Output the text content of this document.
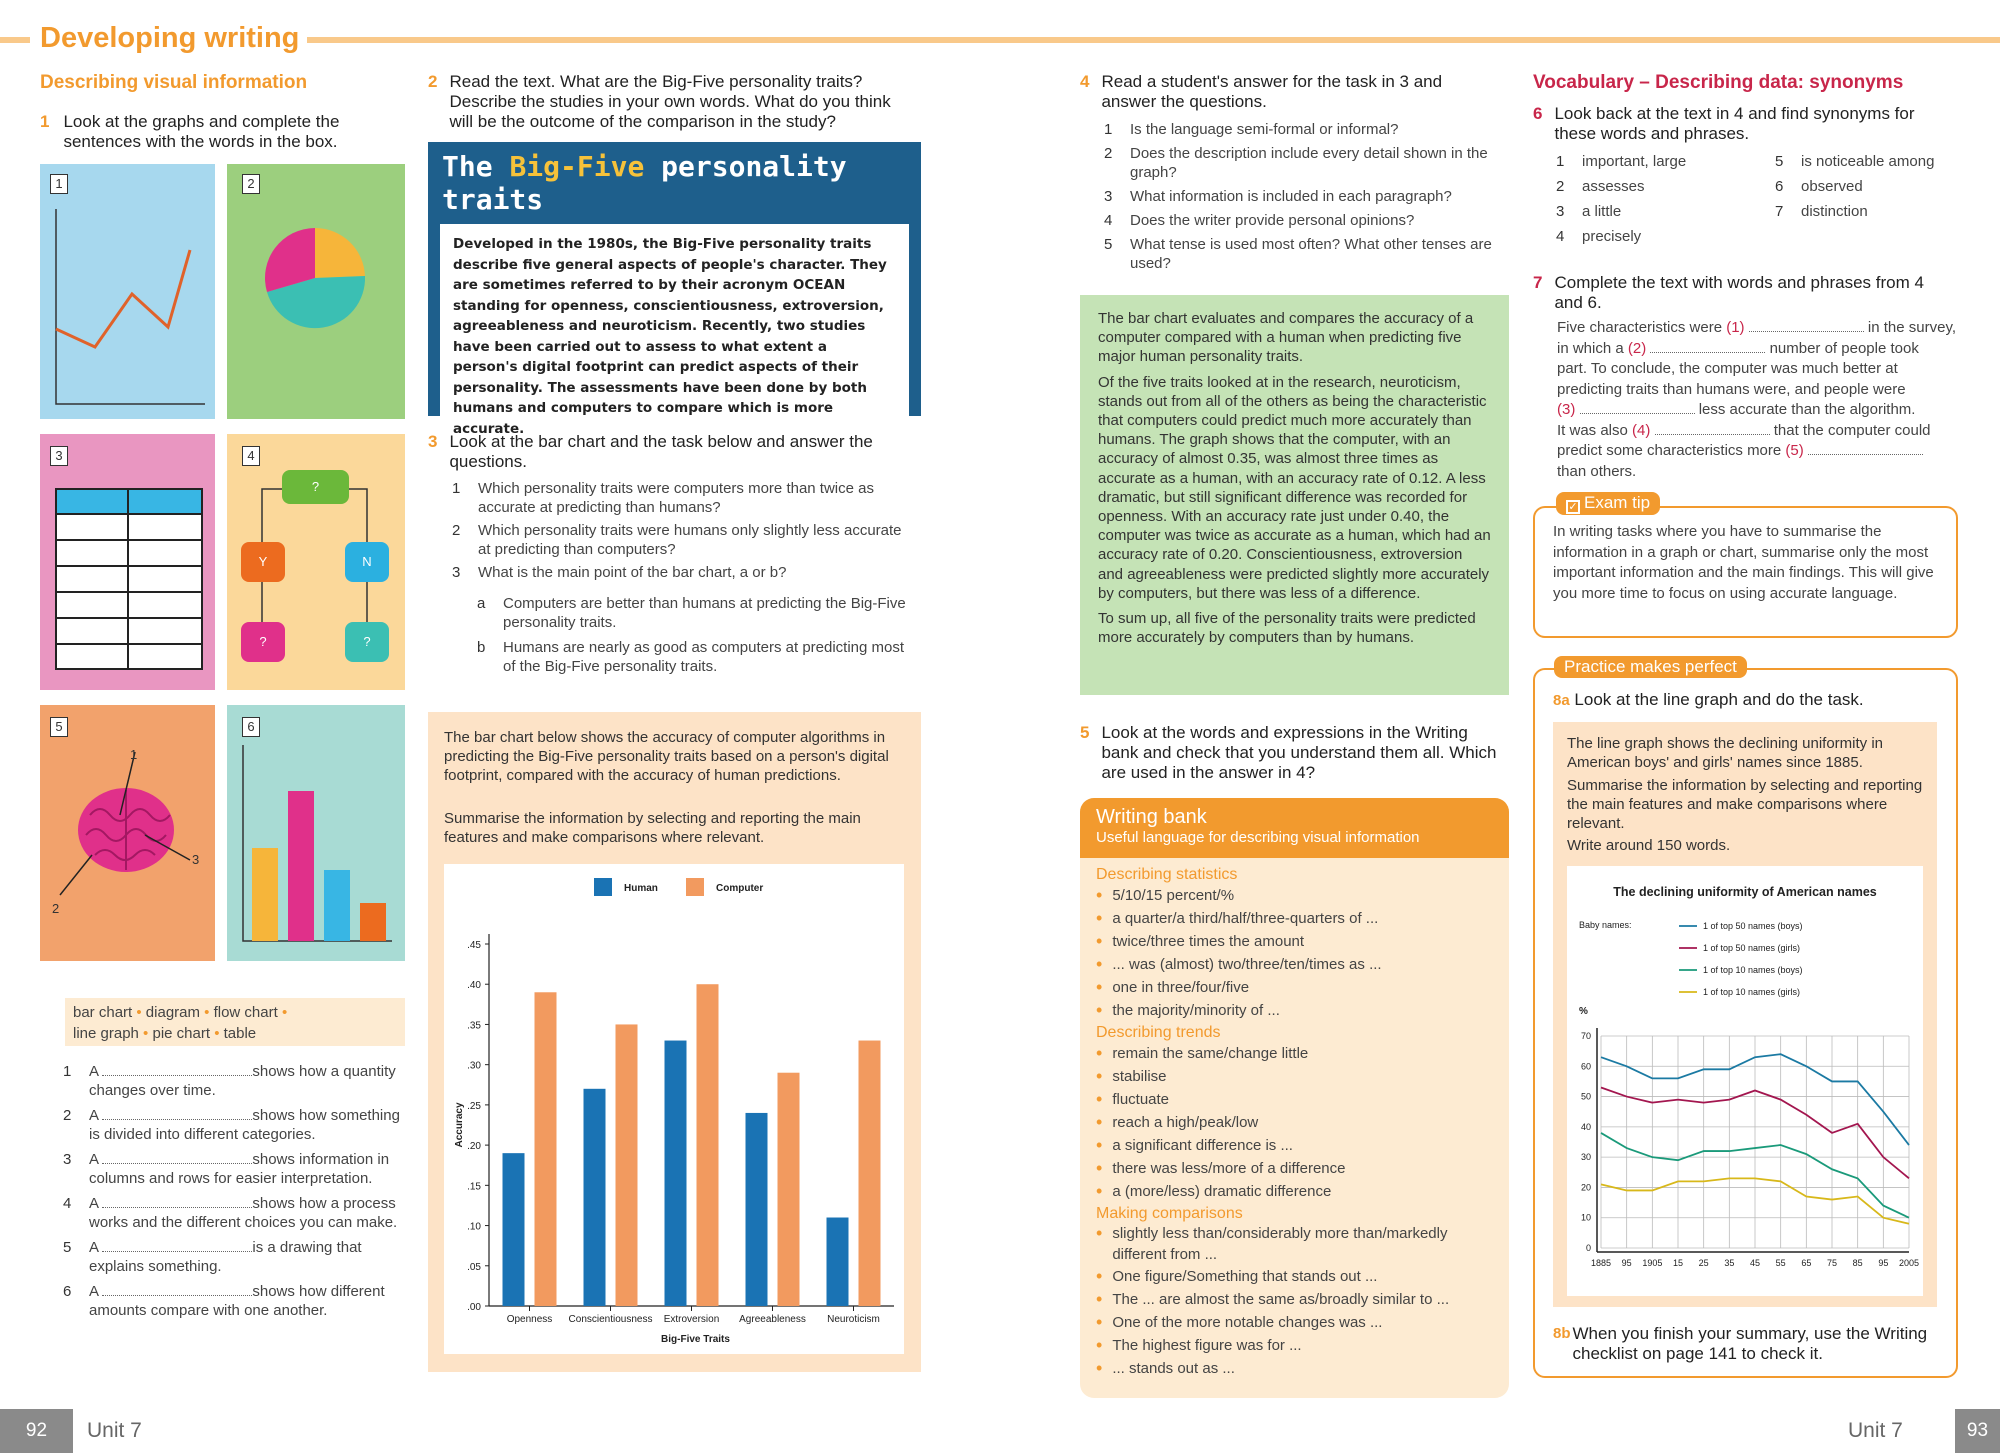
Developing writing
Describing visual information
1 Look at the graphs and complete the sentences with the words in the box.
1	2
3	4
?
Y	N
?	?
5
1
2
3
6
bar chart • diagram • flow chart •
line graph • pie chart • table
1	A	shows how a quantity changes over time.
2	A	shows how something is divided into different categories.
3	A	shows information in columns and rows for easier interpretation.
4	A	shows how a process works and the different choices you can make.
5	A	is a drawing that explains something.
6	A	shows how different amounts compare with one another.
2 Read the text. What are the Big-Five personality traits? Describe the studies in your own words. What do you think will be the outcome of the comparison in the study?
The Big-Five personality traits
Developed in the 1980s, the Big-Five personality traits describe five general aspects of people's character. They are sometimes referred to by their acronym OCEAN standing for openness, conscientiousness, extroversion, agreeableness and neuroticism. Recently, two studies have been carried out to assess to what extent a person's digital footprint can predict aspects of their personality. The assessments have been done by both humans and computers to compare which is more accurate.
3 Look at the bar chart and the task below and answer the questions.
1	Which personality traits were computers more than twice as accurate at predicting than humans?
2	Which personality traits were humans only slightly less accurate at predicting than computers?
3	What is the main point of the bar chart, a or b?
a	Computers are better than humans at predicting the Big-Five personality traits.
b	Humans are nearly as good as computers at predicting most of the Big-Five personality traits.
The bar chart below shows the accuracy of computer algorithms in predicting the Big-Five personality traits based on a person's digital footprint, compared with the accuracy of human predictions.
Summarise the information by selecting and reporting the main features and make comparisons where relevant.
.00
.05
.10
.15
.20
.25
.30
.35
.40
.45
Openness Conscientiousness Extroversion Agreeableness Neuroticism
Big-Five Traits
Accuracy
Human	Computer
4 Read a student's answer for the task in 3 and answer the questions.
1	Is the language semi-formal or informal?
2	Does the description include every detail shown in the graph?
3	What information is included in each paragraph?
4	Does the writer provide personal opinions?
5	What tense is used most often? What other tenses are used?

The bar chart evaluates and compares the accuracy of a computer compared with a human when predicting five major human personality traits.

Of the five traits looked at in the research, neuroticism, stands out from all of the others as being the characteristic that computers could predict much more accurately than humans. The graph shows that the computer, with an accuracy of almost 0.35, was almost three times as accurate as a human, with an accuracy rate of 0.12. A less dramatic, but still significant difference was recorded for openness. With an accuracy rate just under 0.40, the computer was twice as accurate as a human, which had an accuracy rate of 0.20. Conscientiousness, extroversion and agreeableness were predicted slightly more accurately by computers, but there was less of a difference.

To sum up, all five of the personality traits were predicted more accurately by computers than by humans.

5 Look at the words and expressions in the Writing bank and check that you understand them all. Which are used in the answer in 4?
Writing bank
Useful language for describing visual information
Describing statistics
• 5/10/15 percent/%
• a quarter/a third/half/three-quarters of ...
• twice/three times the amount
• ... was (almost) two/three/ten/times as ...
• one in three/four/five
• the majority/minority of ...
Describing trends
• remain the same/change little
• stabilise
• fluctuate
• reach a high/peak/low
• a significant difference is ...
• there was less/more of a difference
• a (more/less) dramatic difference
Making comparisons
• slightly less than/considerably more than/markedly different from ...
• One figure/Something that stands out ...
• The ... are almost the same as/broadly similar to ...
• One of the more notable changes was ...
• The highest figure was for ...
• ... stands out as ...
Vocabulary – Describing data: synonyms
6 Look back at the text in 4 and find synonyms for these words and phrases.
1	important, large
2	assesses
3	a little
4	precisely
5	is noticeable among
6	observed
7	distinction
7 Complete the text with words and phrases from 4 and 6.
Five characteristics were (1)	in the survey,
in which a (2)	number of people took
part. To conclude, the computer was much better at
predicting traits than humans were, and people were
(3)	less accurate than the algorithm.
It was also (4)	that the computer could
predict some characteristics more (5)
than others.
In writing tasks where you have to summarise the information in a graph or chart, summarise only the most important information and the main findings. This will give you more time to focus on using accurate language.
✓ Exam tip
8a Look at the line graph and do the task.
The line graph shows the declining uniformity in American boys' and girls' names since 1885.
Summarise the information by selecting and reporting the main features and make comparisons where relevant.
Write around 150 words.
The declining uniformity of American names
Baby names:	1 of top 50 names (boys)
1 of top 50 names (girls)
1 of top 10 names (boys)
1 of top 10 names (girls)
%
0
10
20
30
40
50
60
70
1885 95 1905 15 25 35 45 55 65 75 85 95 2005
8b When you finish your summary, use the Writing checklist on page 141 to check it.
Practice makes perfect
92	Unit 7	Unit 7	93
